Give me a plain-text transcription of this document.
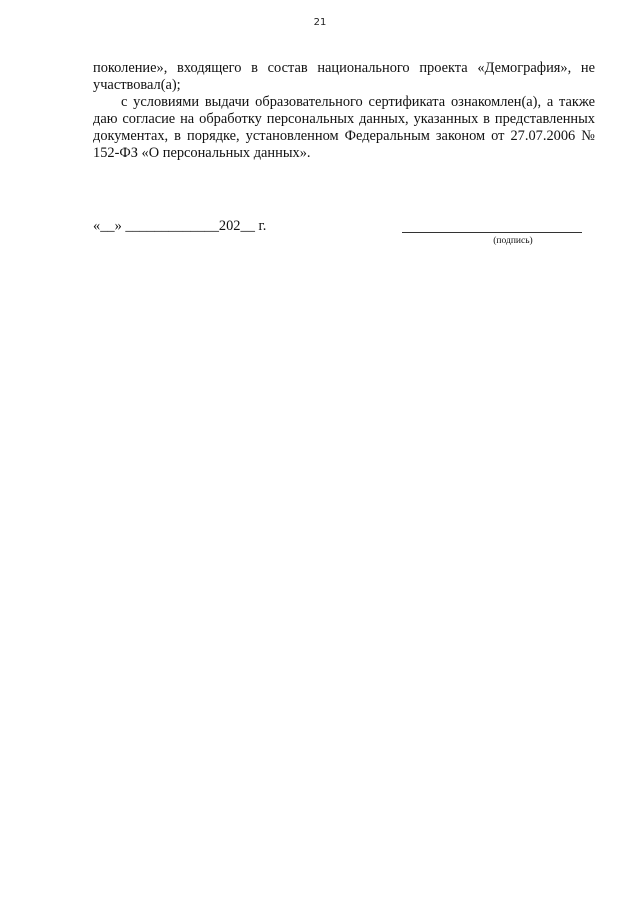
21

поколение», входящего в состав национального проекта «Демография», не участвовал(а);

с условиями выдачи образовательного сертификата ознакомлен(а), а также даю согласие на обработку персональных данных, указанных в представленных документах, в порядке, установленном Федеральным законом от 27.07.2006 № 152-ФЗ «О персональных данных».

«__» _____________202__ г.
(подпись)
